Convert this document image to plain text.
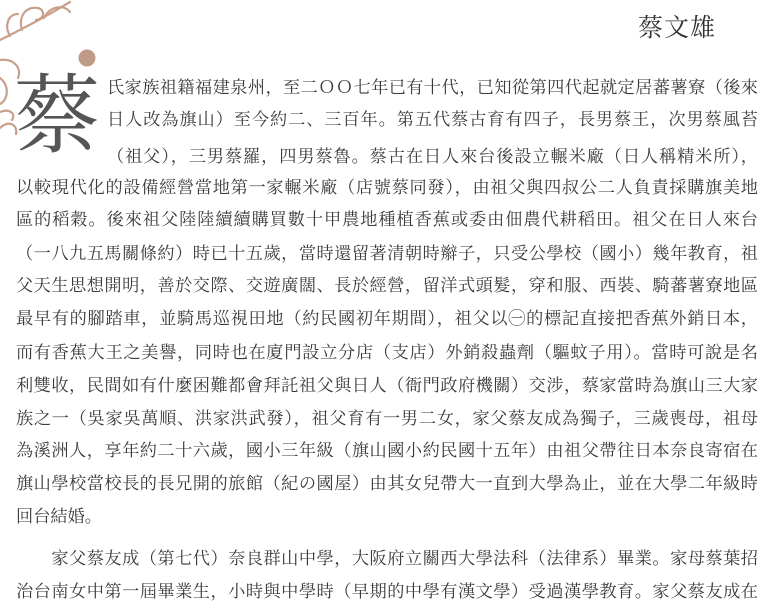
蔡文雄
蔡 氏家族祖籍福建泉州，至二ＯＯ七年已有十代，已知從第四代起就定居蕃薯寮（後來
日人改為旗山）至今約二、三百年。第五代蔡古育有四子，長男蔡王，次男蔡風苔
（祖父），三男蔡羅，四男蔡魯。蔡古在日人來台後設立輾米廠（日人稱精米所），
以較現代化的設備經營當地第一家輾米廠（店號蔡同發），由祖父與四叔公二人負責採購旗美地
區的稻穀。後來祖父陸陸續續購買數十甲農地種植香蕉或委由佃農代耕稻田。祖父在日人來台
（一八九五馬關條約）時已十五歲，當時還留著清朝時辮子，只受公學校（國小）幾年教育，祖
父天生思想開明，善於交際、交遊廣闊、長於經營，留洋式頭髮，穿和服、西裝、騎蕃薯寮地區
最早有的腳踏車，並騎馬巡視田地（約民國初年期間），祖父以㊀的標記直接把香蕉外銷日本，
而有香蕉大王之美譽，同時也在廈門設立分店（支店）外銷殺蟲劑（驅蚊子用）。當時可說是名
利雙收，民間如有什麼困難都會拜託祖父與日人（衙門政府機關）交涉，蔡家當時為旗山三大家
族之一（吳家吳萬順、洪家洪武發），祖父育有一男二女，家父蔡友成為獨子，三歲喪母，祖母
為溪洲人，享年約二十六歲，國小三年級（旗山國小約民國十五年）由祖父帶往日本奈良寄宿在
旗山學校當校長的長兄開的旅館（紀の國屋）由其女兒帶大一直到大學為止，並在大學二年級時
回台結婚。
　　家父蔡友成（第七代）奈良群山中學，大阪府立關西大學法科（法律系）畢業。家母蔡葉招
治台南女中第一屆畢業生，小時與中學時（早期的中學有漢文學）受過漢學教育。家父蔡友成在
